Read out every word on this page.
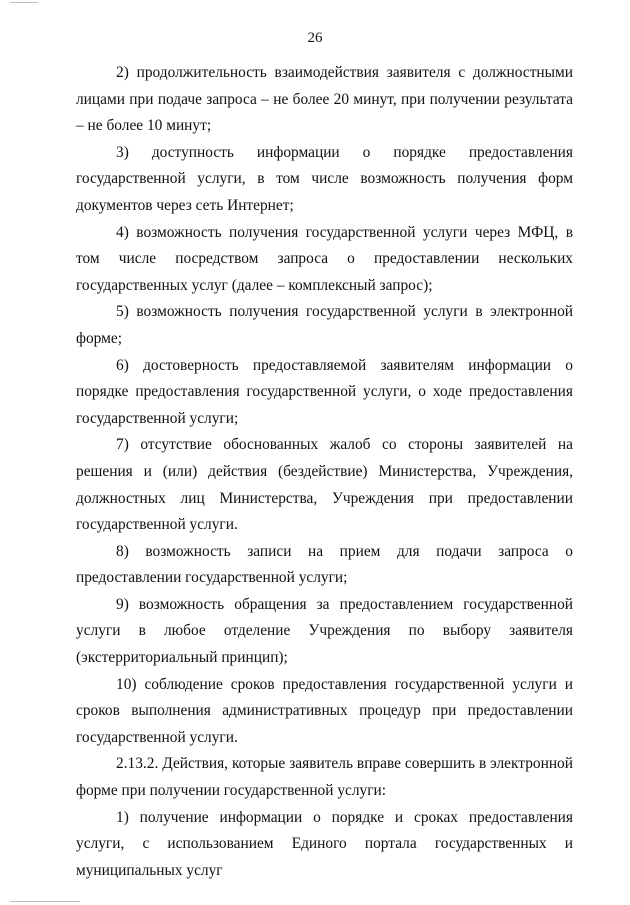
26

2) продолжительность взаимодействия заявителя с должностными лицами при подаче запроса – не более 20 минут, при получении результата – не более 10 минут;

3) доступность информации о порядке предоставления государственной услуги, в том числе возможность получения форм документов через сеть Интернет;

4) возможность получения государственной услуги через МФЦ, в том числе посредством запроса о предоставлении нескольких государственных услуг (далее – комплексный запрос);

5) возможность получения государственной услуги в электронной форме;

6) достоверность предоставляемой заявителям информации о порядке предоставления государственной услуги, о ходе предоставления государственной услуги;

7) отсутствие обоснованных жалоб со стороны заявителей на решения и (или) действия (бездействие) Министерства, Учреждения, должностных лиц Министерства, Учреждения при предоставлении государственной услуги.

8) возможность записи на прием для подачи запроса о предоставлении государственной услуги;

9) возможность обращения за предоставлением государственной услуги в любое отделение Учреждения по выбору заявителя (экстерриториальный принцип);

10) соблюдение сроков предоставления государственной услуги и сроков выполнения административных процедур при предоставлении государственной услуги.

2.13.2. Действия, которые заявитель вправе совершить в электронной форме при получении государственной услуги:

1) получение информации о порядке и сроках предоставления услуги, с использованием Единого портала государственных и муниципальных услуг
